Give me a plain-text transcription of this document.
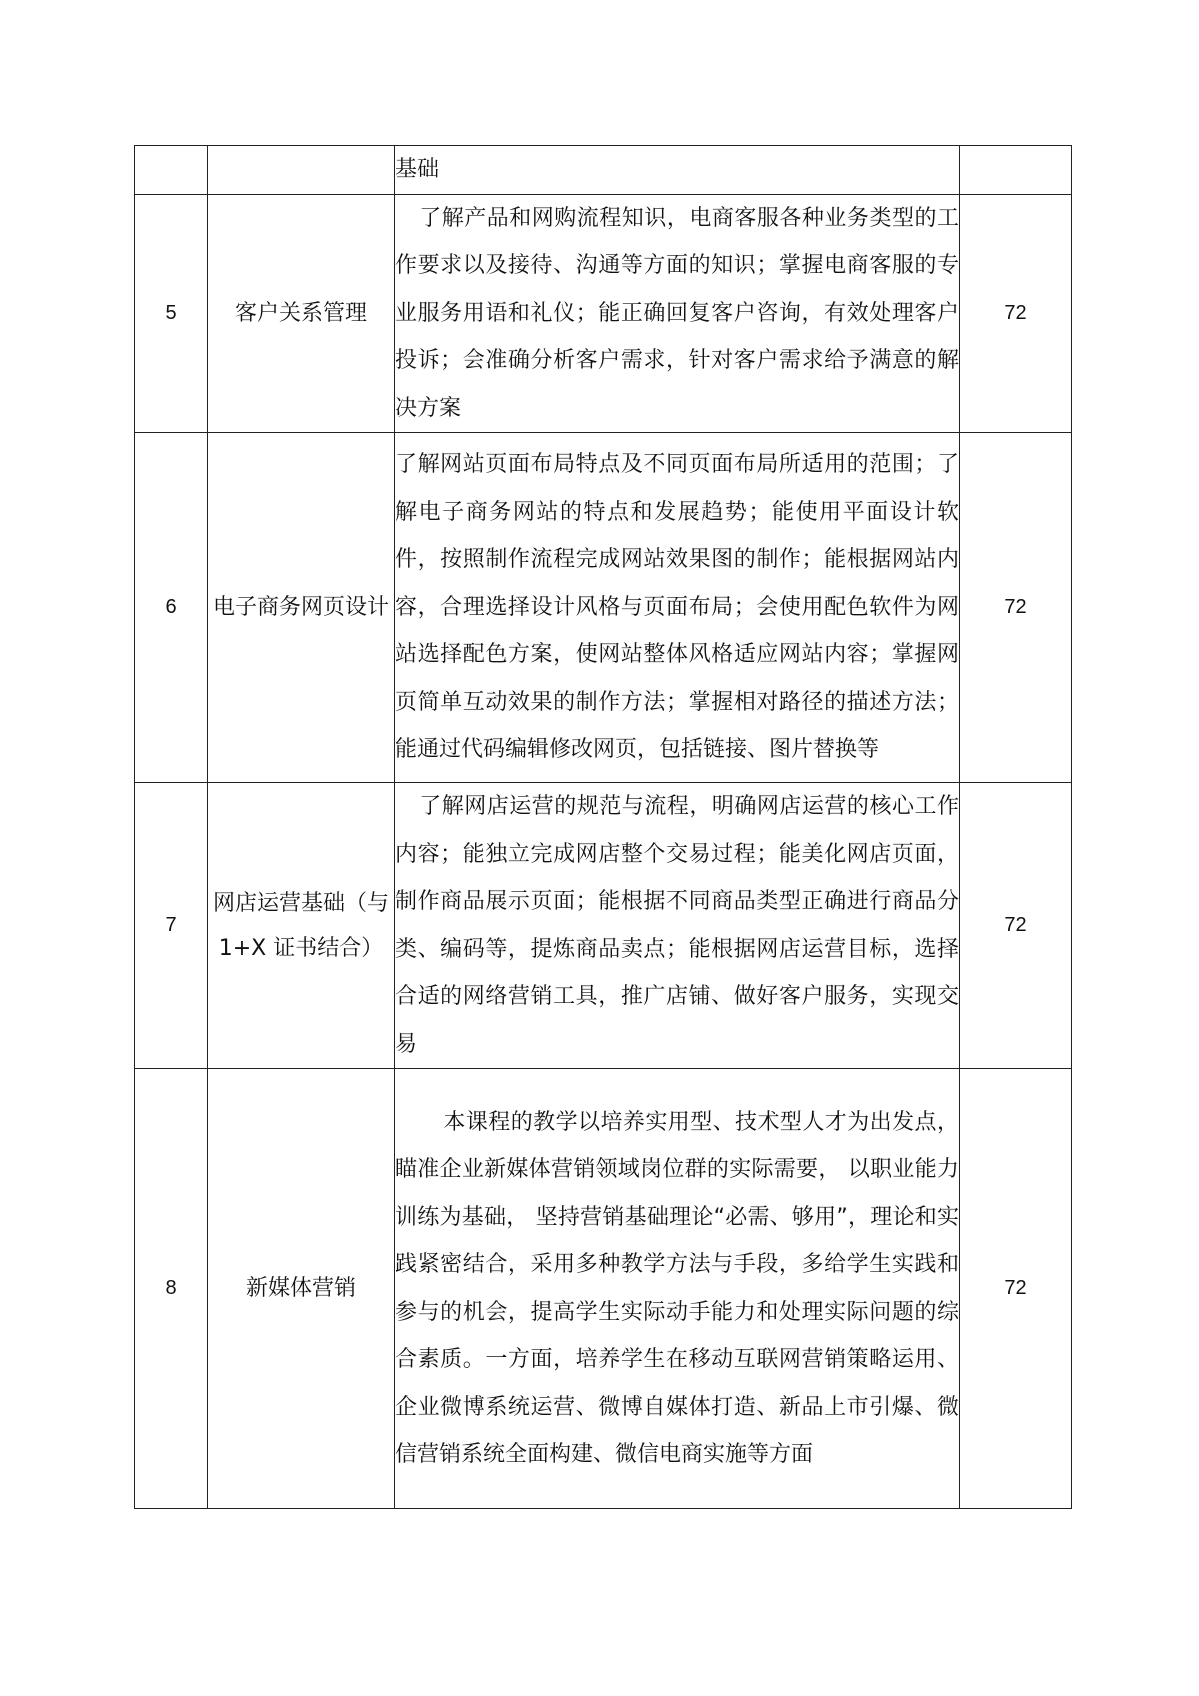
		基础	

5	客户关系管理	了解产品和网购流程知识，电商客服各种业务类型的工作要求以及接待、沟通等方面的知识；掌握电商客服的专业服务用语和礼仪；能正确回复客户咨询，有效处理客户投诉；会准确分析客户需求，针对客户需求给予满意的解决方案	72
6	电子商务网页设计	了解网站页面布局特点及不同页面布局所适用的范围；了解电子商务网站的特点和发展趋势；能使用平面设计软件，按照制作流程完成网站效果图的制作；能根据网站内容，合理选择设计风格与页面布局；会使用配色软件为网站选择配色方案，使网站整体风格适应网站内容；掌握网页简单互动效果的制作方法；掌握相对路径的描述方法；能通过代码编辑修改网页，包括链接、图片替换等	72
7	网店运营基础（与 1+X 证书结合）	了解网店运营的规范与流程，明确网店运营的核心工作内容；能独立完成网店整个交易过程；能美化网店页面，制作商品展示页面；能根据不同商品类型正确进行商品分类、编码等，提炼商品卖点；能根据网店运营目标，选择合适的网络营销工具，推广店铺、做好客户服务，实现交易	72
8	新媒体营销	本课程的教学以培养实用型、技术型人才为出发点，瞄准企业新媒体营销领域岗位群的实际需要， 以职业能力训练为基础， 坚持营销基础理论“必需、够用”，理论和实践紧密结合，采用多种教学方法与手段，多给学生实践和参与的机会，提高学生实际动手能力和处理实际问题的综合素质。一方面，培养学生在移动互联网营销策略运用、企业微博系统运营、微博自媒体打造、新品上市引爆、微信营销系统全面构建、微信电商实施等方面	72
